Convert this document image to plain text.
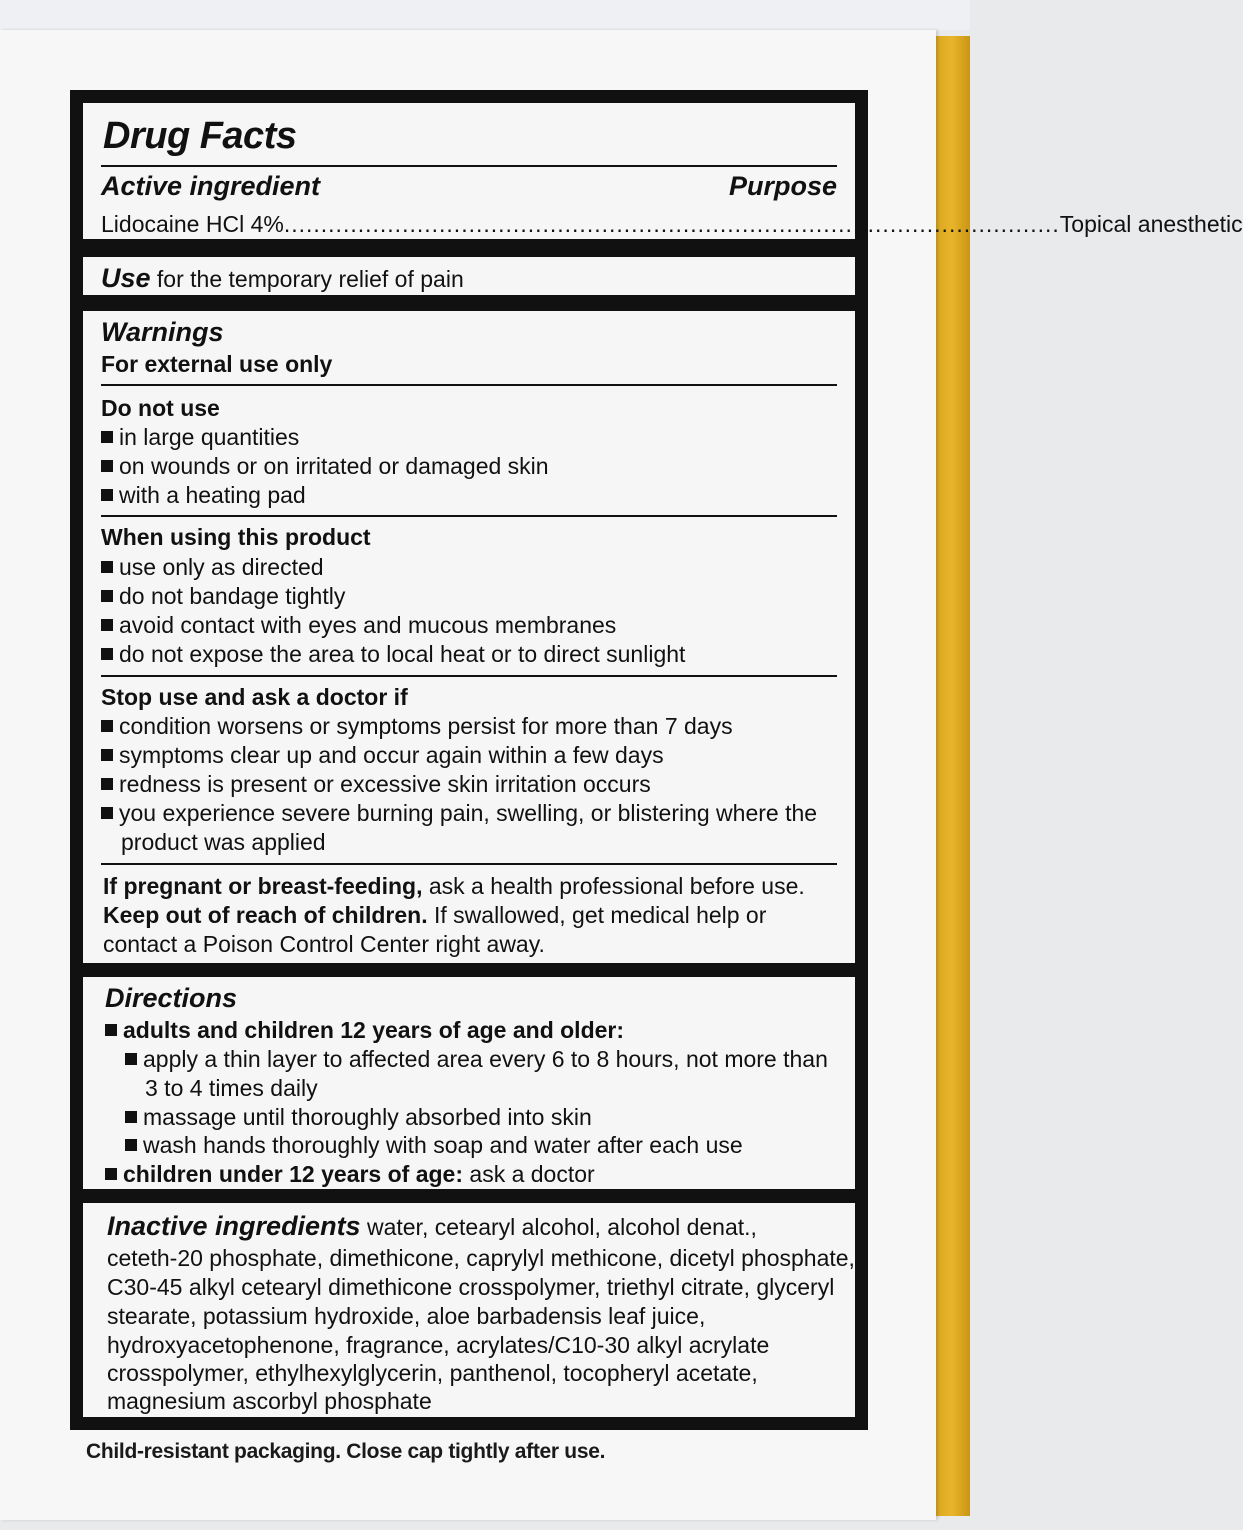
Drug Facts
Active ingredient	Purpose
Lidocaine HCl 4% ......................................................................................................... Topical anesthetic
Use for the temporary relief of pain
Warnings
For external use only
Do not use
in large quantities
on wounds or on irritated or damaged skin
with a heating pad
When using this product
use only as directed
do not bandage tightly
avoid contact with eyes and mucous membranes
do not expose the area to local heat or to direct sunlight
Stop use and ask a doctor if
condition worsens or symptoms persist for more than 7 days
symptoms clear up and occur again within a few days
redness is present or excessive skin irritation occurs
you experience severe burning pain, swelling, or blistering where the
product was applied
If pregnant or breast-feeding, ask a health professional before use.
Keep out of reach of children. If swallowed, get medical help or
contact a Poison Control Center right away.
Directions
adults and children 12 years of age and older:
apply a thin layer to affected area every 6 to 8 hours, not more than
3 to 4 times daily
massage until thoroughly absorbed into skin
wash hands thoroughly with soap and water after each use
children under 12 years of age: ask a doctor
Inactive ingredients water, cetearyl alcohol, alcohol denat.,
ceteth-20 phosphate, dimethicone, caprylyl methicone, dicetyl phosphate,
C30-45 alkyl cetearyl dimethicone crosspolymer, triethyl citrate, glyceryl
stearate, potassium hydroxide, aloe barbadensis leaf juice,
hydroxyacetophenone, fragrance, acrylates/C10-30 alkyl acrylate
crosspolymer, ethylhexylglycerin, panthenol, tocopheryl acetate,
magnesium ascorbyl phosphate
Child-resistant packaging. Close cap tightly after use.
